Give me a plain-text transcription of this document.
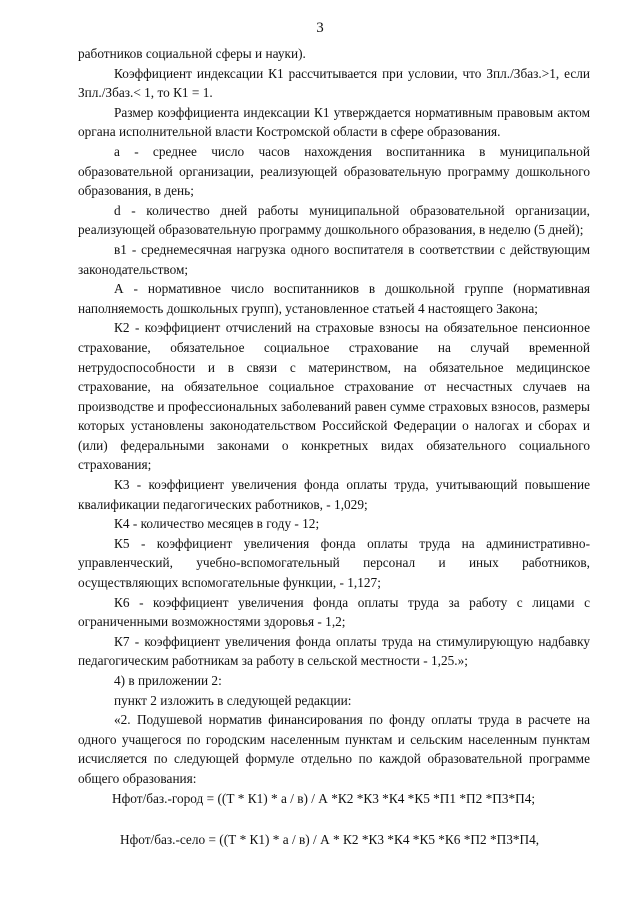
3

работников социальной сферы и науки).

Коэффициент индексации К1 рассчитывается при условии, что Зпл./Збаз.>1, если Зпл./Збаз.< 1, то К1 = 1.

Размер коэффициента индексации К1 утверждается нормативным правовым актом органа исполнительной власти Костромской области в сфере образования.

а - среднее число часов нахождения воспитанника в муниципальной образовательной организации, реализующей образовательную программу дошкольного образования, в день;

d - количество дней работы муниципальной образовательной организации, реализующей образовательную программу дошкольного образования, в неделю (5 дней);

в1 - среднемесячная нагрузка одного воспитателя в соответствии с действующим законодательством;

А - нормативное число воспитанников в дошкольной группе (нормативная наполняемость дошкольных групп), установленное статьей 4 настоящего Закона;

К2 - коэффициент отчислений на страховые взносы на обязательное пенсионное страхование, обязательное социальное страхование на случай временной нетрудоспособности и в связи с материнством, на обязательное медицинское страхование, на обязательное социальное страхование от несчастных случаев на производстве и профессиональных заболеваний равен сумме страховых взносов, размеры которых установлены законодательством Российской Федерации о налогах и сборах и (или) федеральными законами о конкретных видах обязательного социального страхования;

К3 - коэффициент увеличения фонда оплаты труда, учитывающий повышение квалификации педагогических работников, - 1,029;

К4 - количество месяцев в году - 12;

К5 - коэффициент увеличения фонда оплаты труда на административно-управленческий, учебно-вспомогательный персонал и иных работников, осуществляющих вспомогательные функции, - 1,127;

К6 - коэффициент увеличения фонда оплаты труда за работу с лицами с ограниченными возможностями здоровья - 1,2;

К7 - коэффициент увеличения фонда оплаты труда на стимулирующую надбавку педагогическим работникам за работу в сельской местности - 1,25.»;

4) в приложении 2:

пункт 2 изложить в следующей редакции:

«2. Подушевой норматив финансирования по фонду оплаты труда в расчете на одного учащегося по городским населенным пунктам и сельским населенным пунктам исчисляется по следующей формуле отдельно по каждой образовательной программе общего образования:

Нфот/баз.-город = ((Т * К1) * а / в) / А *К2 *К3 *К4 *К5 *П1 *П2 *П3*П4;

Нфот/баз.-село = ((Т * К1) * а / в) / А * К2 *К3 *К4 *К5 *К6 *П2 *П3*П4,
